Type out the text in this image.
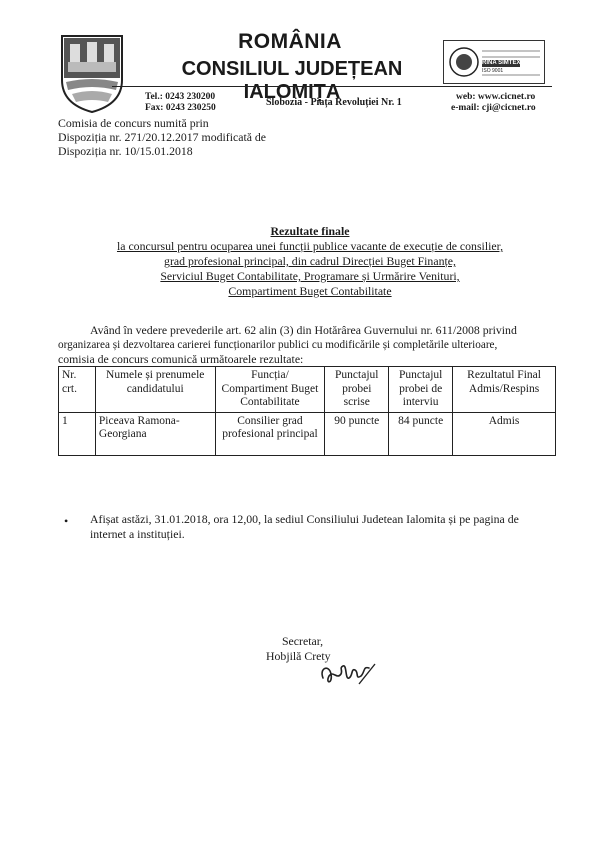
ROMÂNIA
CONSILIUL JUDEȚEAN IALOMIȚA
RINA SIMTEX
ISO 9001
Tel.: 0243 230200
Fax: 0243 230250	Slobozia - Piața Revoluției Nr. 1	web: www.cicnet.ro
e-mail: cji@cicnet.ro
Comisia de concurs numită prin
Dispoziția nr. 271/20.12.2017 modificată de
Dispoziția nr. 10/15.01.2018
Rezultate finale
la concursul pentru ocuparea unei funcții publice vacante de execuție de consilier,
grad profesional principal, din cadrul Direcției Buget Finanțe,
Serviciul Buget Contabilitate, Programare și Urmărire Venituri,
Compartiment Buget Contabilitate
Având în vedere prevederile art. 62 alin (3) din Hotărârea Guvernului nr. 611/2008 privind
organizarea și dezvoltarea carierei funcționarilor publici cu modificările și completările ulterioare,
comisia de concurs comunică următoarele rezultate:
Nr. crt.	Numele și prenumele candidatului	Funcția/ Compartiment Buget Contabilitate	Punctajul probei scrise	Punctajul probei de interviu	Rezultatul Final Admis/Respins
1	Piceava Ramona-Georgiana	Consilier grad profesional principal	90 puncte	84 puncte	Admis
• Afișat astăzi, 31.01.2018, ora 12,00, la sediul Consiliului Judetean Ialomita și pe pagina de
internet a instituției.
Secretar,
Hobjilă Crety
